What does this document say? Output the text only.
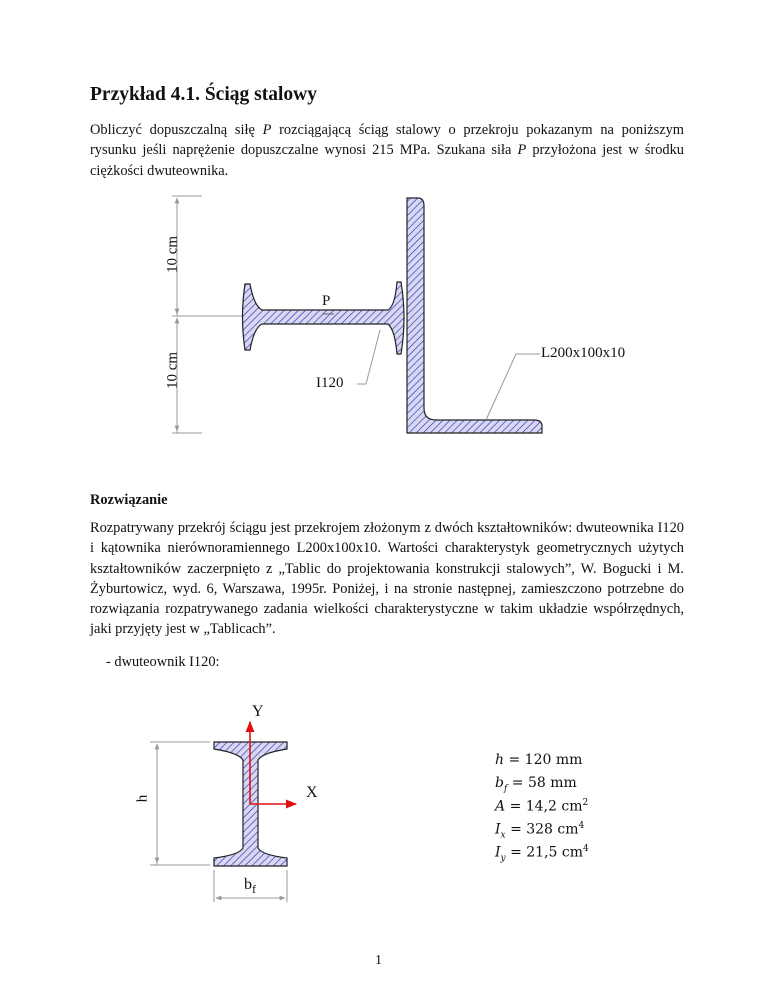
Przykład 4.1. Ściąg stalowy
Obliczyć dopuszczalną siłę P rozciągającą ściąg stalowy o przekroju pokazanym na poniższym rysunku jeśli naprężenie dopuszczalne wynosi 215 MPa. Szukana siła P przyłożona jest w środku ciężkości dwuteownika.
10 cm
10 cm
P
L200x100x10
I120
Rozwiązanie
Rozpatrywany przekrój ściągu jest przekrojem złożonym z dwóch kształtowników: dwuteownika I120 i kątownika nierównoramiennego L200x100x10. Wartości charakterystyk geometrycznych użytych kształtowników zaczerpnięto z „Tablic do projektowania konstrukcji stalowych”, W. Bogucki i M. Żyburtowicz, wyd. 6, Warszawa, 1995r. Poniżej, i na stronie następnej, zamieszczono potrzebne do rozwiązania rozpatrywanego zadania wielkości charakterystyczne w takim układzie współrzędnych, jaki przyjęty jest w „Tablicach”.
- dwuteownik I120:
Y
X
h
$b_f$
h = 120 mm
$b_f = 58$ mm
A = 14,2 $cm^2$
$I_x = 328$ $cm^4$
$I_y = 21,5$ $cm^4$
1
